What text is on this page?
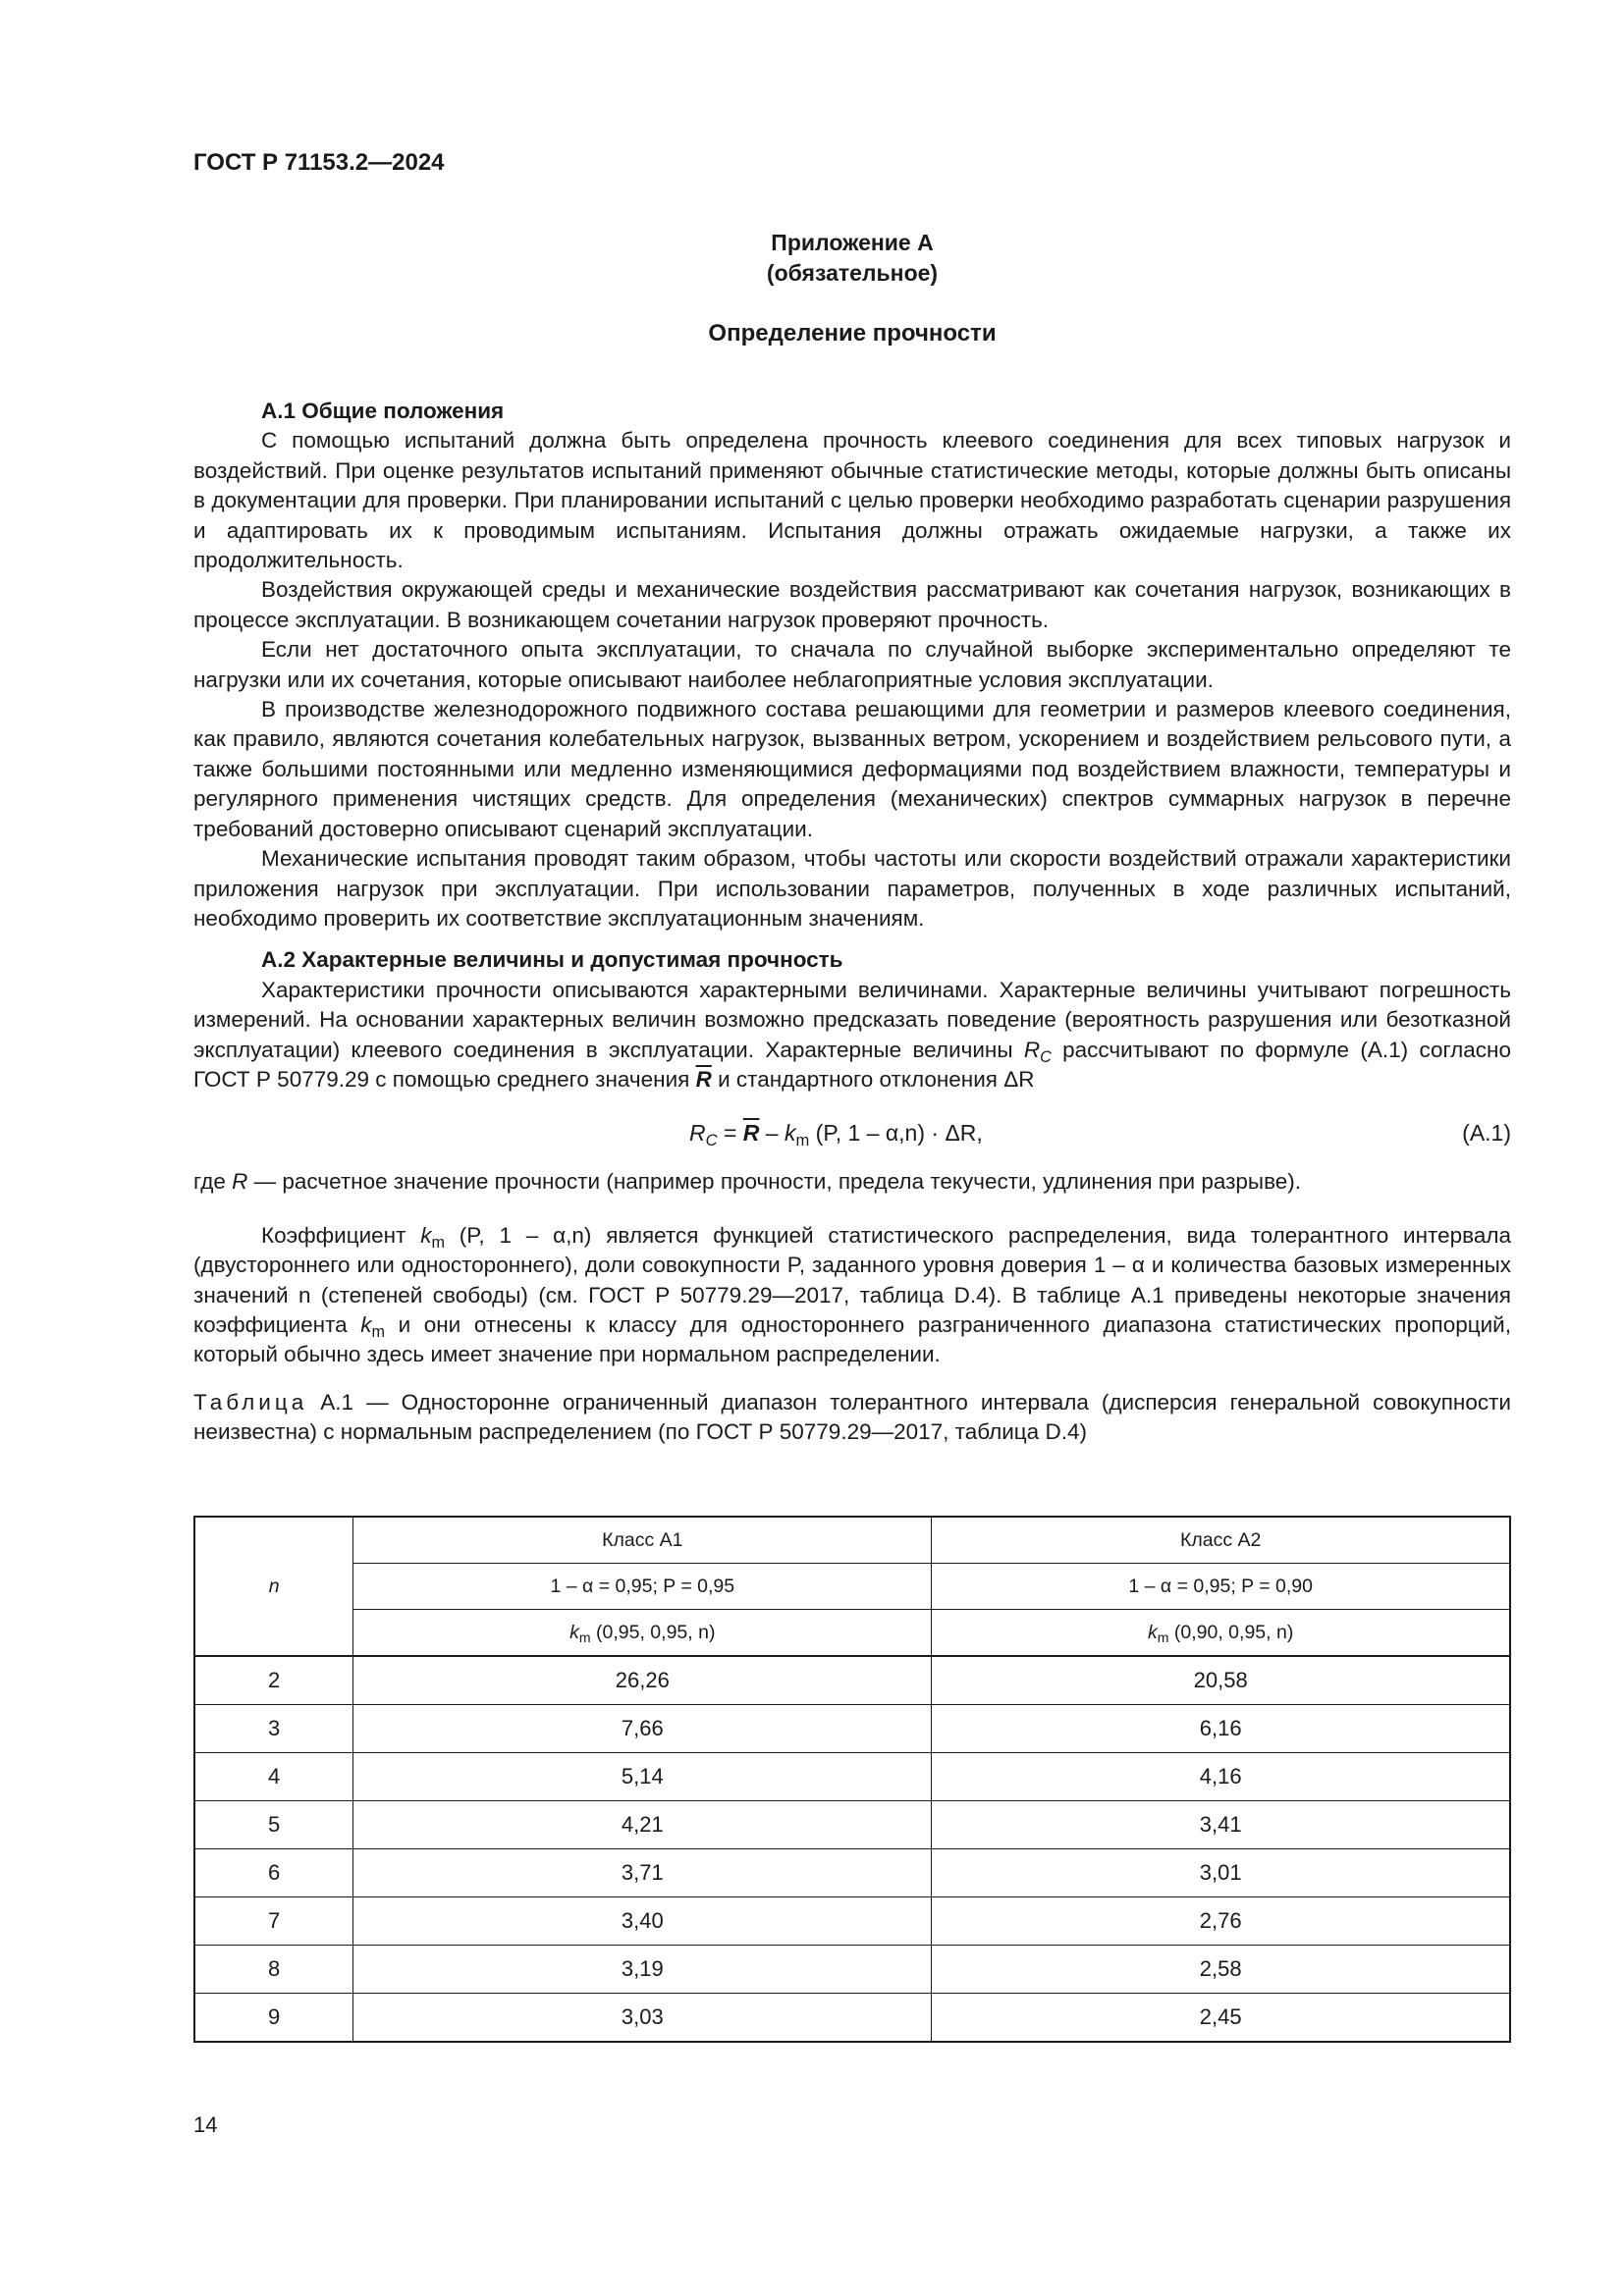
ГОСТ Р 71153.2—2024
Приложение А
(обязательное)
Определение прочности
А.1 Общие положения

С помощью испытаний должна быть определена прочность клеевого соединения для всех типовых нагрузок и воздействий. При оценке результатов испытаний применяют обычные статистические методы, которые должны быть описаны в документации для проверки. При планировании испытаний с целью проверки необходимо разработать сценарии разрушения и адаптировать их к проводимым испытаниям. Испытания должны отражать ожидаемые нагрузки, а также их продолжительность.

Воздействия окружающей среды и механические воздействия рассматривают как сочетания нагрузок, возникающих в процессе эксплуатации. В возникающем сочетании нагрузок проверяют прочность.

Если нет достаточного опыта эксплуатации, то сначала по случайной выборке экспериментально определяют те нагрузки или их сочетания, которые описывают наиболее неблагоприятные условия эксплуатации.

В производстве железнодорожного подвижного состава решающими для геометрии и размеров клеевого соединения, как правило, являются сочетания колебательных нагрузок, вызванных ветром, ускорением и воздействием рельсового пути, а также большими постоянными или медленно изменяющимися деформациями под воздействием влажности, температуры и регулярного применения чистящих средств. Для определения (механических) спектров суммарных нагрузок в перечне требований достоверно описывают сценарий эксплуатации.

Механические испытания проводят таким образом, чтобы частоты или скорости воздействий отражали характеристики приложения нагрузок при эксплуатации. При использовании параметров, полученных в ходе различных испытаний, необходимо проверить их соответствие эксплуатационным значениям.

А.2 Характерные величины и допустимая прочность

Характеристики прочности описываются характерными величинами. Характерные величины учитывают погрешность измерений. На основании характерных величин возможно предсказать поведение (вероятность разрушения или безотказной эксплуатации) клеевого соединения в эксплуатации. Характерные величины $R_C$ рассчитывают по формуле (А.1) согласно ГОСТ Р 50779.29 с помощью среднего значения $\overline{R}$ и стандартного отклонения ΔR

$R_C = \overline{R} - k_m$ (P, 1 – α,n) · ΔR,	(А.1)

где R — расчетное значение прочности (например прочности, предела текучести, удлинения при разрыве).

Коэффициент $k_m$ (P, 1 – α,n) является функцией статистического распределения, вида толерантного интервала (двустороннего или одностороннего), доли совокупности P, заданного уровня доверия 1 – α и количества базовых измеренных значений n (степеней свободы) (см. ГОСТ Р 50779.29—2017, таблица D.4). В таблице А.1 приведены некоторые значения коэффициента $k_m$ и они отнесены к классу для одностороннего разграниченного диапазона статистических пропорций, который обычно здесь имеет значение при нормальном распределении.

Таблица А.1 — Односторонне ограниченный диапазон толерантного интервала (дисперсия генеральной совокупности неизвестна) с нормальным распределением (по ГОСТ Р 50779.29—2017, таблица D.4)

n	Класс А1	Класс А2
	1 – α = 0,95; P = 0,95	1 – α = 0,95; P = 0,90
	$k_m$ (0,95, 0,95, n)	$k_m$ (0,90, 0,95, n)
2	26,26	20,58
3	7,66	6,16
4	5,14	4,16
5	4,21	3,41
6	3,71	3,01
7	3,40	2,76
8	3,19	2,58
9	3,03	2,45
14
